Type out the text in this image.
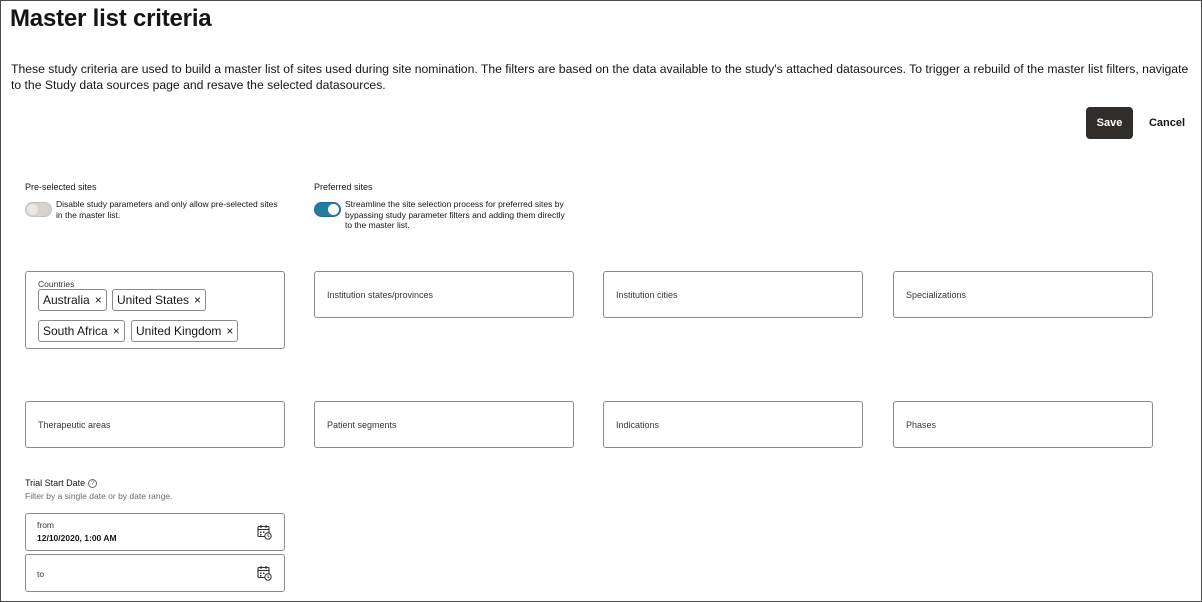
Master list criteria

These study criteria are used to build a master list of sites used during site nomination. The filters are based on the data available to the study's attached datasources. To trigger a rebuild of the master list filters, navigate to the Study data sources page and resave the selected datasources.

Save	Cancel
Pre-selected sites
Disable study parameters and only allow pre-selected sites in the master list.
Preferred sites
Streamline the site selection process for preferred sites by bypassing study parameter filters and adding them directly to the master list.
Countries
Australia × United States ×
South Africa × United Kingdom ×
Institution states/provinces	Institution cities	Specializations
Therapeutic areas	Patient segments	Indications	Phases
Trial Start Date ?
Filter by a single date or by date range.
from
12/10/2020, 1:00 AM
to
